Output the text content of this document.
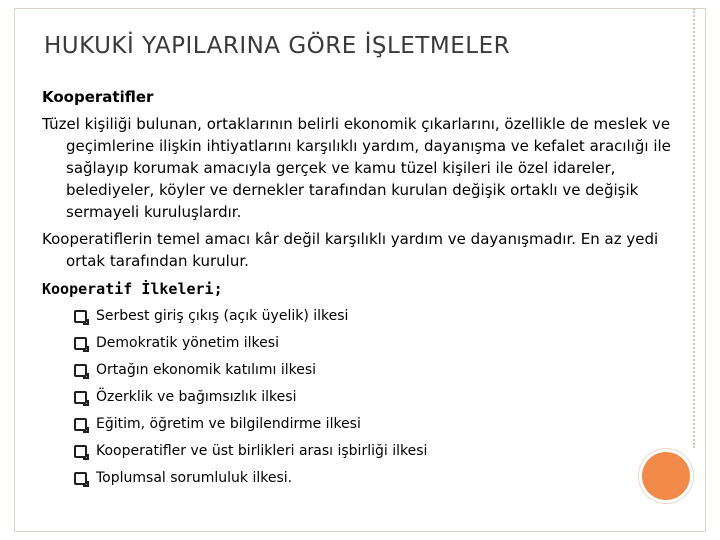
HUKUKİ YAPILARINA GÖRE İŞLETMELER
Kooperatifler
Tüzel kişiliği bulunan, ortaklarının belirli ekonomik çıkarlarını, özellikle de meslek ve geçimlerine ilişkin ihtiyatlarını karşılıklı yardım, dayanışma ve kefalet aracılığı ile sağlayıp korumak amacıyla gerçek ve kamu tüzel kişileri ile özel idareler, belediyeler, köyler ve dernekler tarafından kurulan değişik ortaklı ve değişik sermayeli kuruluşlardır.
Kooperatiflerin temel amacı kâr değil karşılıklı yardım ve dayanışmadır. En az yedi ortak tarafından kurulur.
Kooperatif İlkeleri;
Serbest giriş çıkış (açık üyelik) ilkesi
Demokratik yönetim ilkesi
Ortağın ekonomik katılımı ilkesi
Özerklik ve bağımsızlık ilkesi
Eğitim, öğretim ve bilgilendirme ilkesi
Kooperatifler ve üst birlikleri arası işbirliği ilkesi
Toplumsal sorumluluk ilkesi.
